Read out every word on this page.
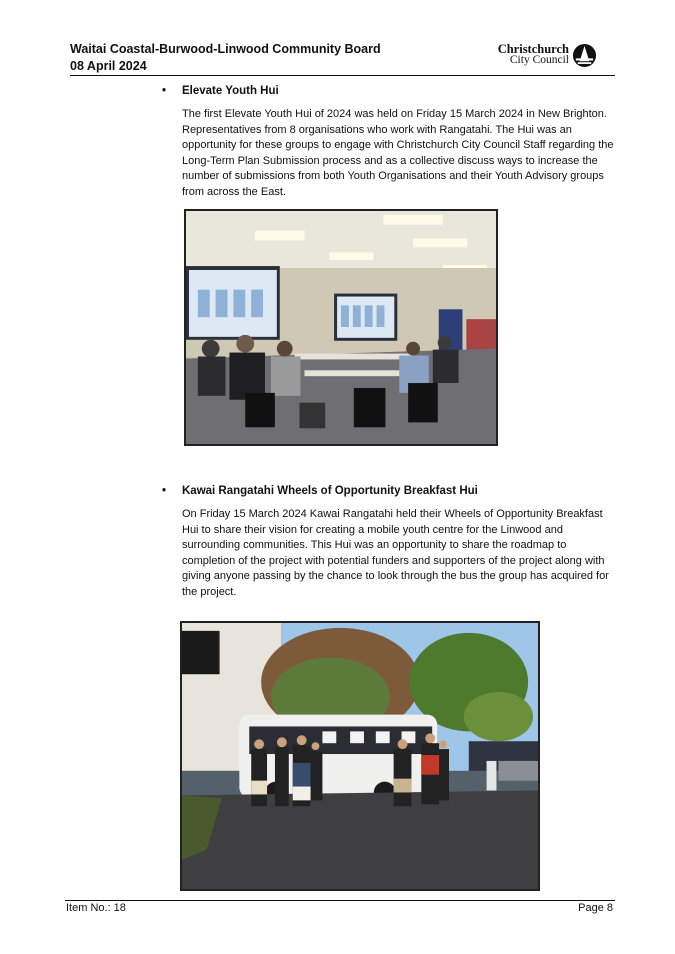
Waitai Coastal-Burwood-Linwood Community Board

08 April 2024

Christchurch
City Council

• Elevate Youth Hui

The first Elevate Youth Hui of 2024 was held on Friday 15 March 2024 in New Brighton. Representatives from 8 organisations who work with Rangatahi. The Hui was an opportunity for these groups to engage with Christchurch City Council Staff regarding the Long-Term Plan Submission process and as a collective discuss ways to increase the number of submissions from both Youth Organisations and their Youth Advisory groups from across the East.

• Kawai Rangatahi Wheels of Opportunity Breakfast Hui

On Friday 15 March 2024 Kawai Rangatahi held their Wheels of Opportunity Breakfast Hui to share their vision for creating a mobile youth centre for the Linwood and surrounding communities. This Hui was an opportunity to share the roadmap to completion of the project with potential funders and supporters of the project along with giving anyone passing by the chance to look through the bus the group has acquired for the project.

Item No.: 18	Page 8
